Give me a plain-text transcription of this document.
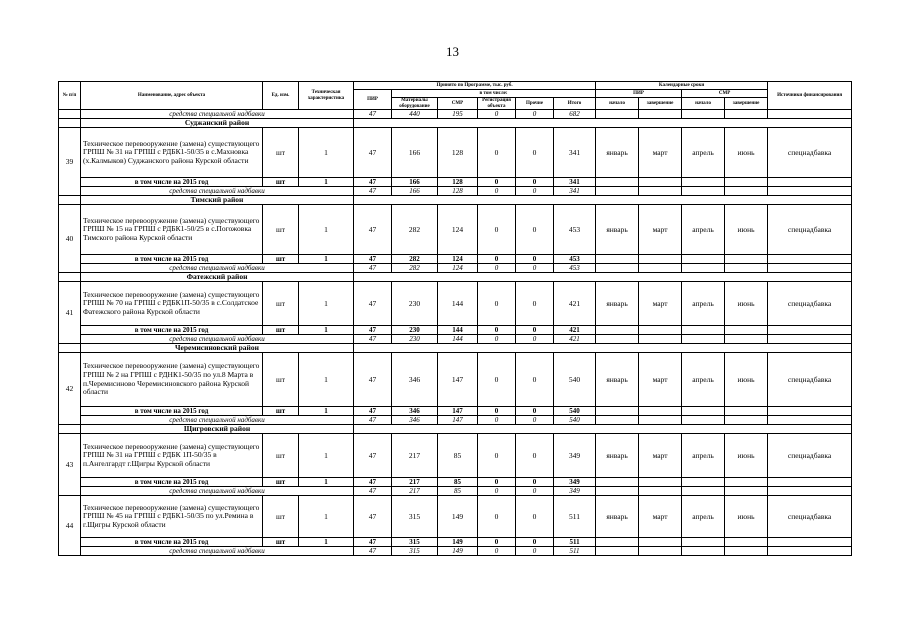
13
№ п/п	Наименование, адрес объекта	Ед. изм.	Техническая характеристика	Принято по Программе, тыс. руб.						Календарные сроки				Источники финансирования
				ПИР	в том числе:					ПИР		СМР		
					Материалы оборудование	СМР	Регистрация объекта	Прочие	Итого	начало	завершение	начало	завершение	
	средства специальной надбавки			47	440	195	0	0	682					
	Суджанский район													
39	Техническое перевооружение (замена) существующего ГРПШ № 31 на ГРПШ с РДБК1-50/35 в с.Махновка (х.Калмыков) Суджанского района Курской области	шт	1	47	166	128	0	0	341	январь	март	апрель	июнь	спецнадбавка
	в том числе на 2015 год	шт	1	47	166	128	0	0	341					
	средства специальной надбавки			47	166	128	0	0	341					
	Тимский район													
40	Техническое перевооружение (замена) существующего ГРПШ № 15 на ГРПШ с РДБК1-50/25 в с.Погожовка Тимского района Курской области	шт	1	47	282	124	0	0	453	январь	март	апрель	июнь	спецнадбавка
	в том числе на 2015 год	шт	1	47	282	124	0	0	453					
	средства специальной надбавки			47	282	124	0	0	453					
	Фатежский район													
41	Техническое перевооружение (замена) существующего ГРПШ № 70 на ГРПШ с РДБК1П-50/35 в с.Солдатское Фатежского района Курской области	шт	1	47	230	144	0	0	421	январь	март	апрель	июнь	спецнадбавка
	в том числе на 2015 год	шт	1	47	230	144	0	0	421					
	средства специальной надбавки			47	230	144	0	0	421					
	Черемисиновский район													
42	Техническое перевооружение (замена) существующего ГРПШ № 2 на ГРПШ с РДНК1-50/35 по ул.8 Марта в п.Черемисиново Черемисиновского района Курской области	шт	1	47	346	147	0	0	540	январь	март	апрель	июнь	спецнадбавка
	в том числе на 2015 год	шт	1	47	346	147	0	0	540					
	средства специальной надбавки			47	346	147	0	0	540					
	Щигровский район													
43	Техническое перевооружение (замена) существующего ГРПШ № 31 на ГРПШ с РДБК 1П-50/35 в п.Ангелгардт г.Щигры Курской области	шт	1	47	217	85	0	0	349	январь	март	апрель	июнь	спецнадбавка
	в том числе на 2015 год	шт	1	47	217	85	0	0	349					
	средства специальной надбавки			47	217	85	0	0	349					
44	Техническое перевооружение (замена) существующего ГРПШ № 45 на ГРПШ с РДБК1-50/35 по ул.Ремина в г.Щигры Курской области	шт	1	47	315	149	0	0	511	январь	март	апрель	июнь	спецнадбавка
	в том числе на 2015 год	шт	1	47	315	149	0	0	511					
	средства специальной надбавки			47	315	149	0	0	511					
